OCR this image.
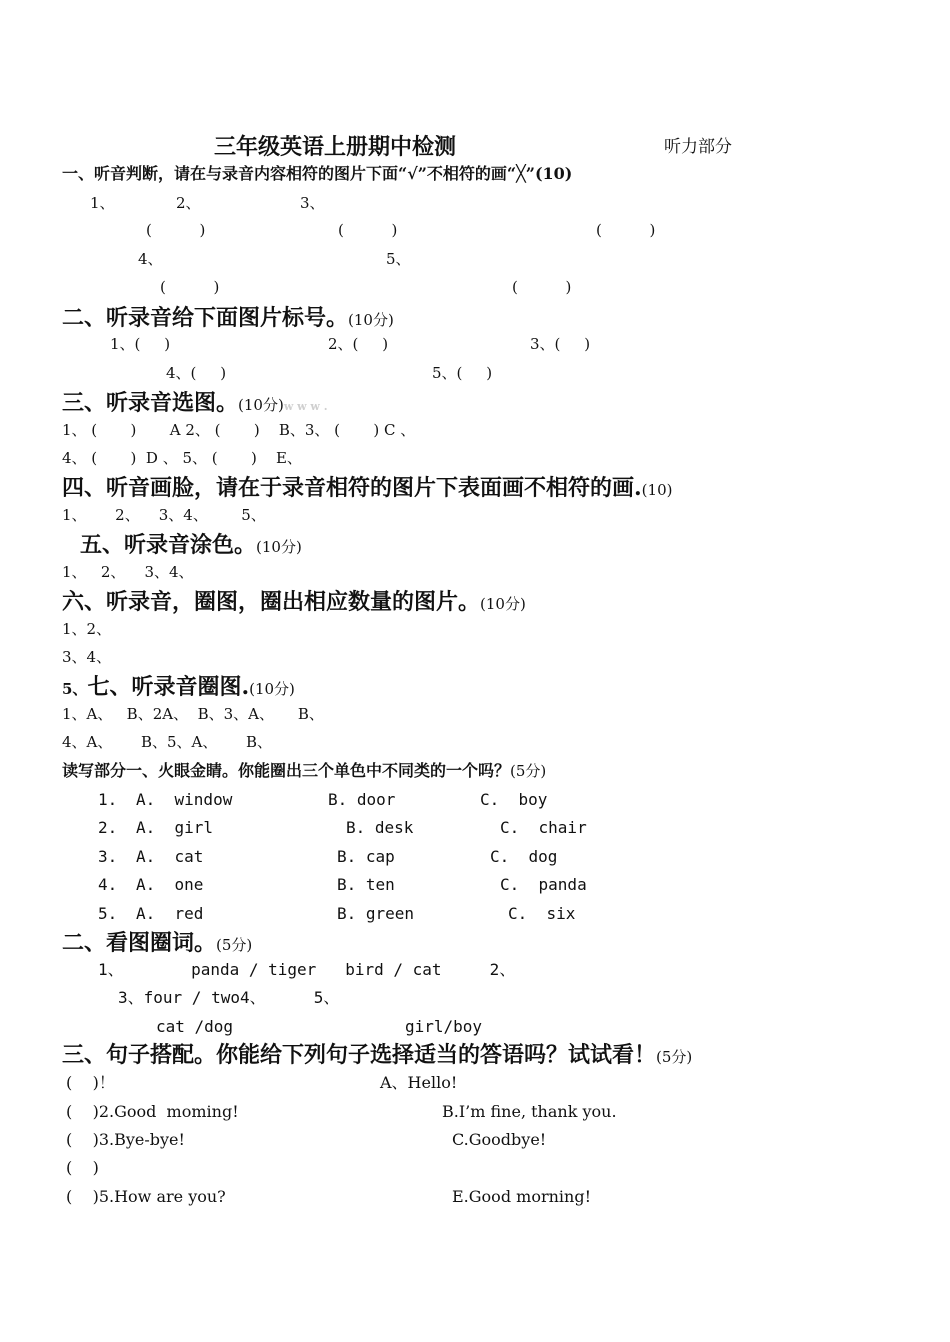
三年级英语上册期中检测	听力部分
一、听音判断，请在与录音内容相符的图片下面“√”不相符的画“╳”(10)
1、	2、	3、
(          )	(          )	(          )
4、	5、
(          )	(          )
二、听录音给下面图片标号。(10分)
1、(     )	2、(     )	3、(     )
4、(     )	5、(     )
三、听录音选图。(10分)w w w .
1、 (       )       A 2、 (       )    B、3、 (       ) C 、
4、 (       )  D 、 5、 (       )    E、
四、听音画脸，请在于录音相符的图片下表面画不相符的画.(10)
1、      2、    3、4、       5、
五、听录音涂色。(10分)
1、   2、    3、4、
六、听录音，圈图，圈出相应数量的图片。(10分)
1、2、
3、4、
5、七、听录音圈图.(10分)
1、A、   B、2A、  B、3、A、     B、
4、A、      B、5、A、      B、
读写部分一、火眼金睛。你能圈出三个单色中不同类的一个吗？(5分)
1. A.  window	B. door	C.  boy
2. A.  girl	B. desk	C.  chair
3. A.  cat	B. cap	C.  dog
4. A.  one	B. ten	C.  panda
5. A.  red	B. green	C.  six
二、看图圈词。(5分)
1、       panda / tiger   bird / cat     2、
3、four / two4、     5、
cat /dog	girl/boy
三、句子搭配。你能给下列句子选择适当的答语吗？试试看！(5分)
(    )！	A、Hello!
(    )2.Good  moming!	B.I’m fine, thank you.
(    )3.Bye-bye!	C.Goodbye!
(    )
(    )5.How are you?	E.Good morning!
